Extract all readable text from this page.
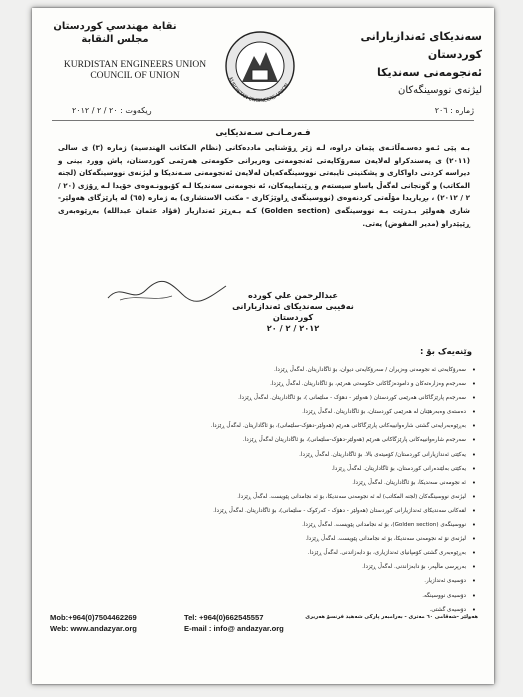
نقابة مهندسي كوردستان
مجلس النقابة
KURDISTAN ENGINEERS UNION
COUNCIL OF UNION	KURDISTAN ENGINEERS UNION
سەندیکای ئەندازیارانی کوردستان
ئەنجومەنی سەندیکا
لیژنەی نووسینگەکان
ژمارە : ٢٠٦
ریکەوت : ٢٠ / ٢ / ٢٠١٢
فـەرمـانـی سـەندیکایی
بـە پێی ئـەو دەسـەڵاتـەی پێمان دراوە، لـە ژێر ڕۆشنایی ماددەکانی (نظام المکاتب الهندسیة) ژمارە (٣) ی سالی (٢٠١١) ی پەسندکراو لەلایەن سەرۆکایەتی ئەنجومەنی وەزیرانی حکومەتی هەرێمی کوردستان، پاش وورد بینی و دیراسە کردنی داواکاری و پشکنینی تایبەتی نووسینگەکەیان لەلایەن ئەنجومەنی سـەندیکا و لیژنەی نووسینگەکان (لجنە المکاتب) و گونجانی لەگەڵ یاساو سیستەم و ڕێنماییەکان، ئە نجومەنی سەندیکا لـە کۆبوونـەوەی خۆیدا لـە ڕۆژی (٢٠ / ٢ / ٢٠١٢) ، بڕیاریدا مۆڵەتی کردنەوەی (نووسینگەی ڕاوێژکاری - مکتب الاستشاری) بە ژمارە (٦٥) لە پارێزگای هەولێر-شاری هەولێر بـدرێت بـە نووسینگەی (Golden section) کـە بـەڕێز ئەندازیار (فؤاد عثمان عبداللە) بەڕێوەبەری ڕێپێدراو (مدیر المفوض) یەتی.
عبدالرحمن علي کوردە
نەقیبی سەندیکای ئەندازیارانی کوردستان
٢٠١٢ / ٢ / ٢٠
وێنەیەک بۆ :
• سەرۆکایەتی ئە نجومەنی وەزیران / سەرۆکایەتی دیوان، بۆ ئاگاداریتان. لەگەڵ ڕێزدا.
• سەرجەم وەزارەتەکان و دامودەزگاکانی حکومەتی هەرێم، بۆ ئاگاداریتان. لەگەڵ ڕێزدا.
• سەرجەم پارێزگاکانی هەرێمی کوردستان ( هەولێر - دهۆک - سلێمانی )، بۆ ئاگاداریتان. لەگەڵ ڕێزدا.
• دەستەی وەبەرهێنان لە هەرێمی کوردستان، بۆ ئاگاداریتان. لەگەڵ ڕێزدا.
• بەڕێوەبەرایەتی گشتی شارەوانییەکانی پارێزگاکانی هەرێم (هەولێر-دهۆک-سلێمانی)، بۆ ئاگاداریتان. لەگەڵ ڕێزدا.
• سەرجەم شارەوانییەکانی پارێزگاکانی هەرێم (هەولێر-دهۆک-سلێمانی)، بۆ ئاگاداریتان لەگەڵ ڕێزدا.
• یەکێتی ئەندازیارانی کوردستان/ کۆمیتەی بالا. بۆ ئاگاداریتان. لەگەڵ ڕێزدا.
• یەکێتی بەلێندەرانی کوردستان، بۆ ئاگاداریتان. لەگەڵ ڕێزدا.
• ئە نجومەنی سەندیکا، بۆ ئاگاداریتان. لەگەڵ ڕێزدا.
• لیژنەی نووسینگەکان (لجنە المکاتب) لە ئە نجومەنی سەندیکا، بۆ ئە نجامدانی پێویست. لەگەڵ ڕێزدا.
• لقەکانی سەندیکای ئەندازیارانی کوردستان (هەولێر - دهۆک - کەرکوک - سلێمانی)، بۆ ئاگاداریتان. لەگەڵ ڕێزدا.
• نووسینگەی (Golden section)، بۆ ئە نجامدانی پێویست. لەگەڵ ڕێزدا.
• لیژنەی نۆ ئە نجومەنی سەندیکا، بۆ ئە نجامدانی پێویست. لەگەڵ ڕێزدا.
• بەڕێوەبەری گشتی کۆمپانیای ئەندازیاری، بۆ دابەزاندنی. لەگەڵ ڕێزدا.
• بەرپرسی ماڵپەر، بۆ دابەزاندنی. لەگەڵ ڕێزدا.
• دۆسیەی ئەندازیار.
• دۆسیەی نووسینگە.
• دۆسیەی گشتی.
Mob:+964(0)7504462269
Web: www.andazyar.org
Tel: +964(0)662545557
E-mail : info@ andazyar.org
هەولێر -شەقامی ٦٠ مەتری - بەرامبەر پارکی شەهید فرنسۆ هەریری
